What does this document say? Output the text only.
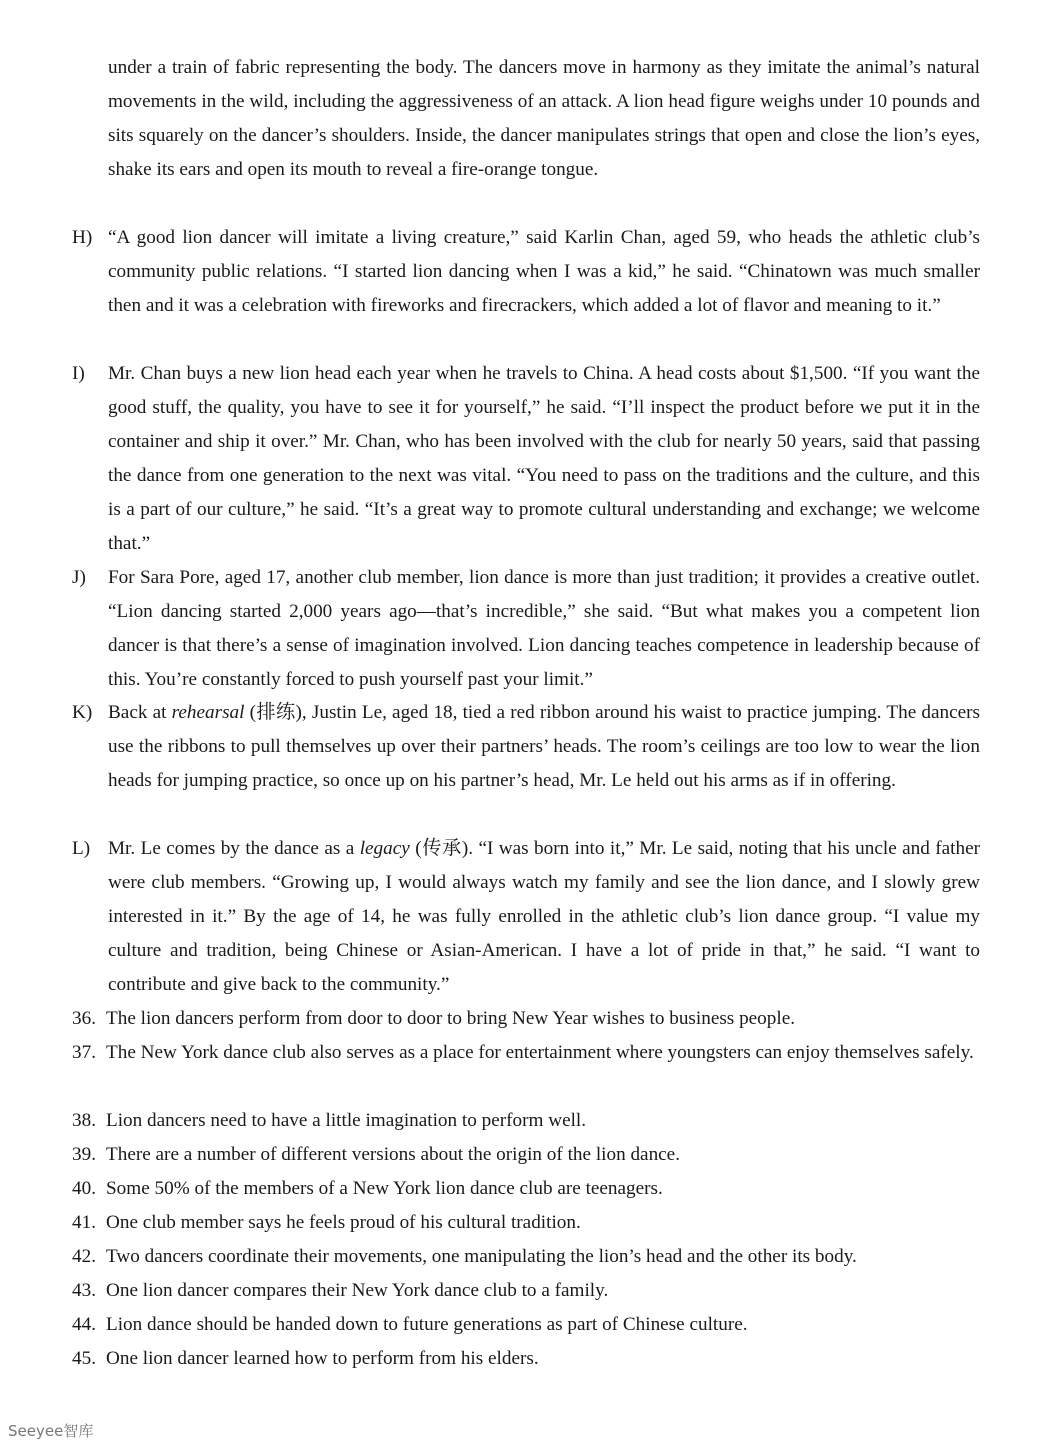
under a train of fabric representing the body. The dancers move in harmony as they imitate the animal’s natural movements in the wild, including the aggressiveness of an attack. A lion head figure weighs under 10 pounds and sits squarely on the dancer’s shoulders. Inside, the dancer manipulates strings that open and close the lion’s eyes, shake its ears and open its mouth to reveal a fire-orange tongue.
H) “A good lion dancer will imitate a living creature,” said Karlin Chan, aged 59, who heads the athletic club’s community public relations. “I started lion dancing when I was a kid,” he said. “Chinatown was much smaller then and it was a celebration with fireworks and firecrackers, which added a lot of flavor and meaning to it.”
I)	Mr. Chan buys a new lion head each year when he travels to China. A head costs about $1,500. “If you want the good stuff, the quality, you have to see it for yourself,” he said. “I’ll inspect the product before we put it in the container and ship it over.” Mr. Chan, who has been involved with the club for nearly 50 years, said that passing the dance from one generation to the next was vital. “You need to pass on the traditions and the culture, and this is a part of our culture,” he said. “It’s a great way to promote cultural understanding and exchange; we welcome that.”
J)	For Sara Pore, aged 17, another club member, lion dance is more than just tradition; it provides a creative outlet. “Lion dancing started 2,000 years ago—that’s incredible,” she said. “But what makes you a competent lion dancer is that there’s a sense of imagination involved. Lion dancing teaches competence in leadership because of this. You’re constantly forced to push yourself past your limit.”
K) Back at rehearsal (排练), Justin Le, aged 18, tied a red ribbon around his waist to practice jumping. The dancers use the ribbons to pull themselves up over their partners’ heads. The room’s ceilings are too low to wear the lion heads for jumping practice, so once up on his partner’s head, Mr. Le held out his arms as if in offering.
L) Mr. Le comes by the dance as a legacy (传承). “I was born into it,” Mr. Le said, noting that his uncle and father were club members. “Growing up, I would always watch my family and see the lion dance, and I slowly grew interested in it.” By the age of 14, he was fully enrolled in the athletic club’s lion dance group. “I value my culture and tradition, being Chinese or Asian-American. I have a lot of pride in that,” he said. “I want to contribute and give back to the community.”
36. The lion dancers perform from door to door to bring New Year wishes to business people.
37. The New York dance club also serves as a place for entertainment where youngsters can enjoy themselves safely.
38. Lion dancers need to have a little imagination to perform well.
39. There are a number of different versions about the origin of the lion dance.
40. Some 50% of the members of a New York lion dance club are teenagers.
41. One club member says he feels proud of his cultural tradition.
42. Two dancers coordinate their movements, one manipulating the lion’s head and the other its body.
43. One lion dancer compares their New York dance club to a family.
44. Lion dance should be handed down to future generations as part of Chinese culture.
45. One lion dancer learned how to perform from his elders.
Seeyee智库
